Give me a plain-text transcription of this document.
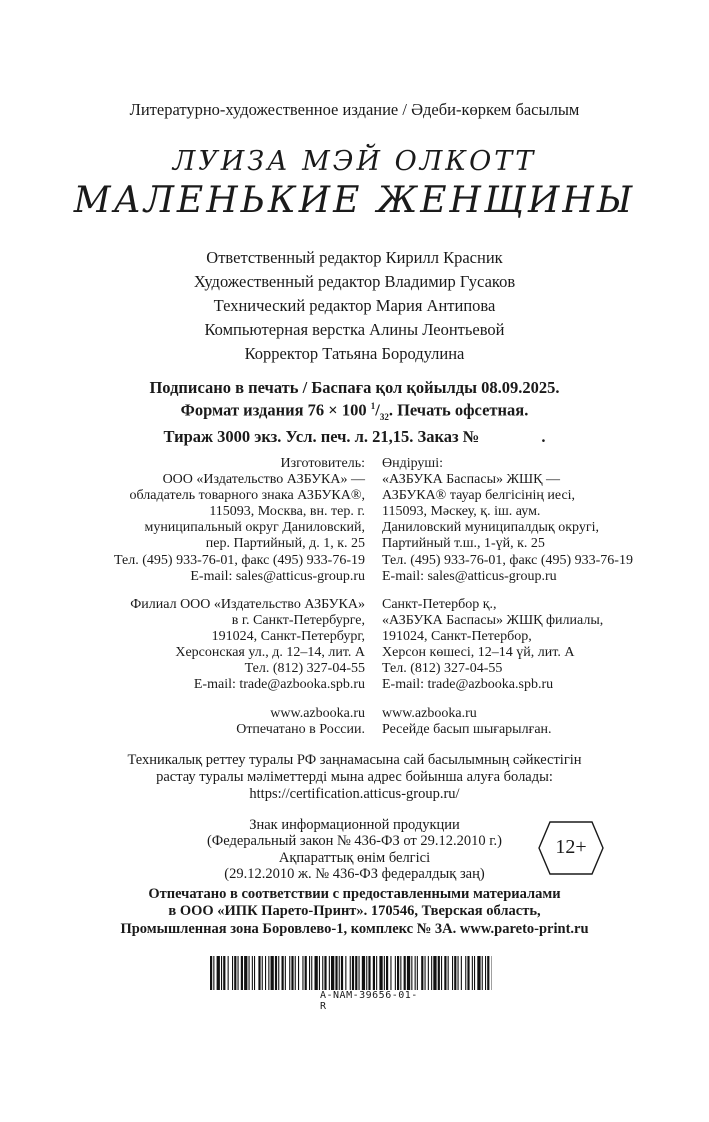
Литературно-художественное издание / Әдеби-көркем басылым
ЛУИЗА МЭЙ ОЛКОТТ
МАЛЕНЬКИЕ ЖЕНЩИНЫ
Ответственный редактор Кирилл Красник
Художественный редактор Владимир Гусаков
Технический редактор Мария Антипова
Компьютерная верстка Алины Леонтьевой
Корректор Татьяна Бородулина
Подписано в печать / Баспаға қол қойылды 08.09.2025.
Формат издания 76 × 100 $^1/_{32}$. Печать офсетная.
Тираж 3000 экз. Усл. печ. л. 21,15. Заказ №	.
Изготовитель:
ООО «Издательство АЗБУКА» —
обладатель товарного знака АЗБУКА®,
115093, Москва, вн. тер. г.
муниципальный округ Даниловский,
пер. Партийный, д. 1, к. 25
Тел. (495) 933-76-01, факс (495) 933-76-19
E-mail: sales@atticus-group.ru
Өндіруші:
«АЗБУКА Баспасы» ЖШҚ —
АЗБУКА® тауар белгісінің иесі,
115093, Мәскеу, қ. іш. аум.
Даниловский муниципалдық округі,
Партийный т.ш., 1-үй, к. 25
Тел. (495) 933-76-01, факс (495) 933-76-19
E-mail: sales@atticus-group.ru
Филиал ООО «Издательство АЗБУКА»
в г. Санкт-Петербурге,
191024, Санкт-Петербург,
Херсонская ул., д. 12–14, лит. А
Тел. (812) 327-04-55
E-mail: trade@azbooka.spb.ru
Санкт-Петербор қ.,
«АЗБУКА Баспасы» ЖШҚ филиалы,
191024, Санкт-Петербор,
Херсон көшесі, 12–14 үй, лит. А
Тел. (812) 327-04-55
E-mail: trade@azbooka.spb.ru
www.azbooka.ru
Отпечатано в России.
www.azbooka.ru
Ресейде басып шығарылған.
Техникалық реттеу туралы РФ заңнамасына сай басылымның сәйкестігін
растау туралы мәліметтерді мына адрес бойынша алуға болады:
https://certification.atticus-group.ru/
Знак информационной продукции
(Федеральный закон № 436-ФЗ от 29.12.2010 г.)
Ақпараттық өнім белгісі
(29.12.2010 ж. № 436-ФЗ федералдық заң)
12+
Отпечатано в соответствии с предоставленными материалами
в ООО «ИПК Парето-Принт». 170546, Тверская область,
Промышленная зона Боровлево-1, комплекс № 3А. www.pareto-print.ru
A-NAM-39656-01-R
